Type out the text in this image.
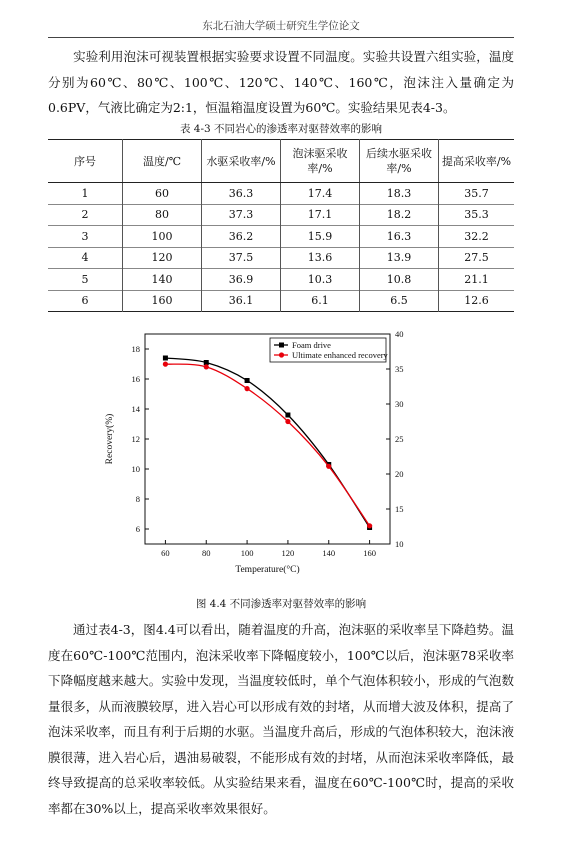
东北石油大学硕士研究生学位论文
实验利用泡沫可视装置根据实验要求设置不同温度。实验共设置六组实验，温度分别为60℃、80℃、100℃、120℃、140℃、160℃，泡沫注入量确定为0.6PV，气液比确定为2:1，恒温箱温度设置为60℃。实验结果见表4-3。
表 4-3 不同岩心的渗透率对驱替效率的影响
序号	温度/℃	水驱采收率/%	泡沫驱采收率/%	后续水驱采收率/%	提高采收率/%
1	60	36.3	17.4	18.3	35.7
2	80	37.3	17.1	18.2	35.3
3	100	36.2	15.9	16.3	32.2
4	120	37.5	13.6	13.9	27.5
5	140	36.9	10.3	10.8	21.1
6	160	36.1	6.1	6.5	12.6
60	80	100	120	140	160
6
8
10
12
14
16
18
10
15
20
25
30
35
40
Temperature(°C)
Recovery(%)
Foam drive
Ultimate enhanced recovery
图 4.4 不同渗透率对驱替效率的影响
通过表4-3，图4.4可以看出，随着温度的升高，泡沫驱的采收率呈下降趋势。温度在60℃-100℃范围内，泡沫采收率下降幅度较小，100℃以后，泡沫驱78采收率下降幅度越来越大。实验中发现，当温度较低时，单个气泡体积较小，形成的气泡数量很多，从而液膜较厚，进入岩心可以形成有效的封堵，从而增大波及体积，提高了泡沫采收率，而且有利于后期的水驱。当温度升高后，形成的气泡体积较大，泡沫液膜很薄，进入岩心后，遇油易破裂，不能形成有效的封堵，从而泡沫采收率降低，最终导致提高的总采收率较低。从实验结果来看，温度在60℃-100℃时，提高的采收率都在30%以上，提高采收率效果很好。
